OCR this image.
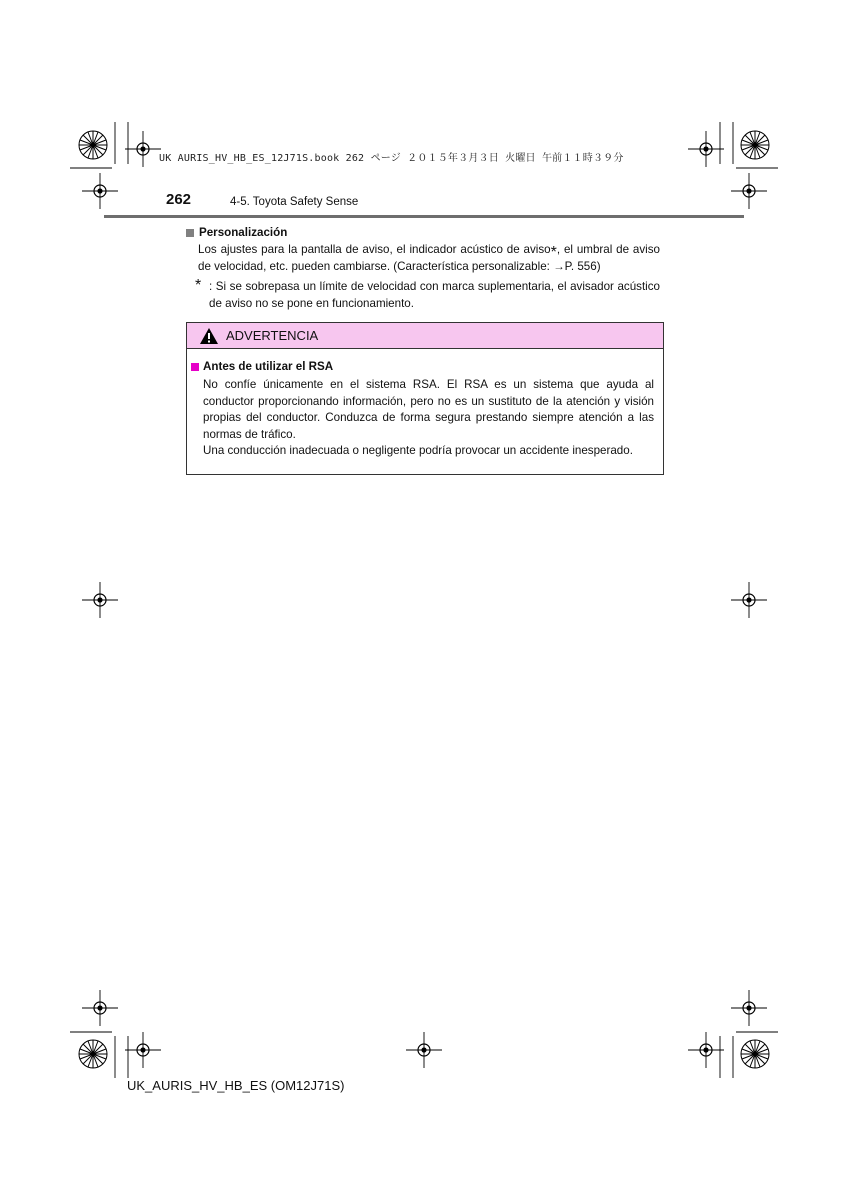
UK AURIS_HV_HB_ES_12J71S.book 262 ページ ２０１５年３月３日 火曜日 午前１１時３９分
262	4-5. Toyota Safety Sense
Personalización
Los ajustes para la pantalla de aviso, el indicador acústico de aviso*, el umbral de aviso de velocidad, etc. pueden cambiarse. (Característica personalizable: →P. 556)
* : Si se sobrepasa un límite de velocidad con marca suplementaria, el avisador acústico de aviso no se pone en funcionamiento.
ADVERTENCIA
Antes de utilizar el RSA
No confíe únicamente en el sistema RSA. El RSA es un sistema que ayuda al conductor proporcionando información, pero no es un sustituto de la atención y visión propias del conductor. Conduzca de forma segura prestando siempre atención a las normas de tráfico.
Una conducción inadecuada o negligente podría provocar un accidente inesperado.
UK_AURIS_HV_HB_ES (OM12J71S)
